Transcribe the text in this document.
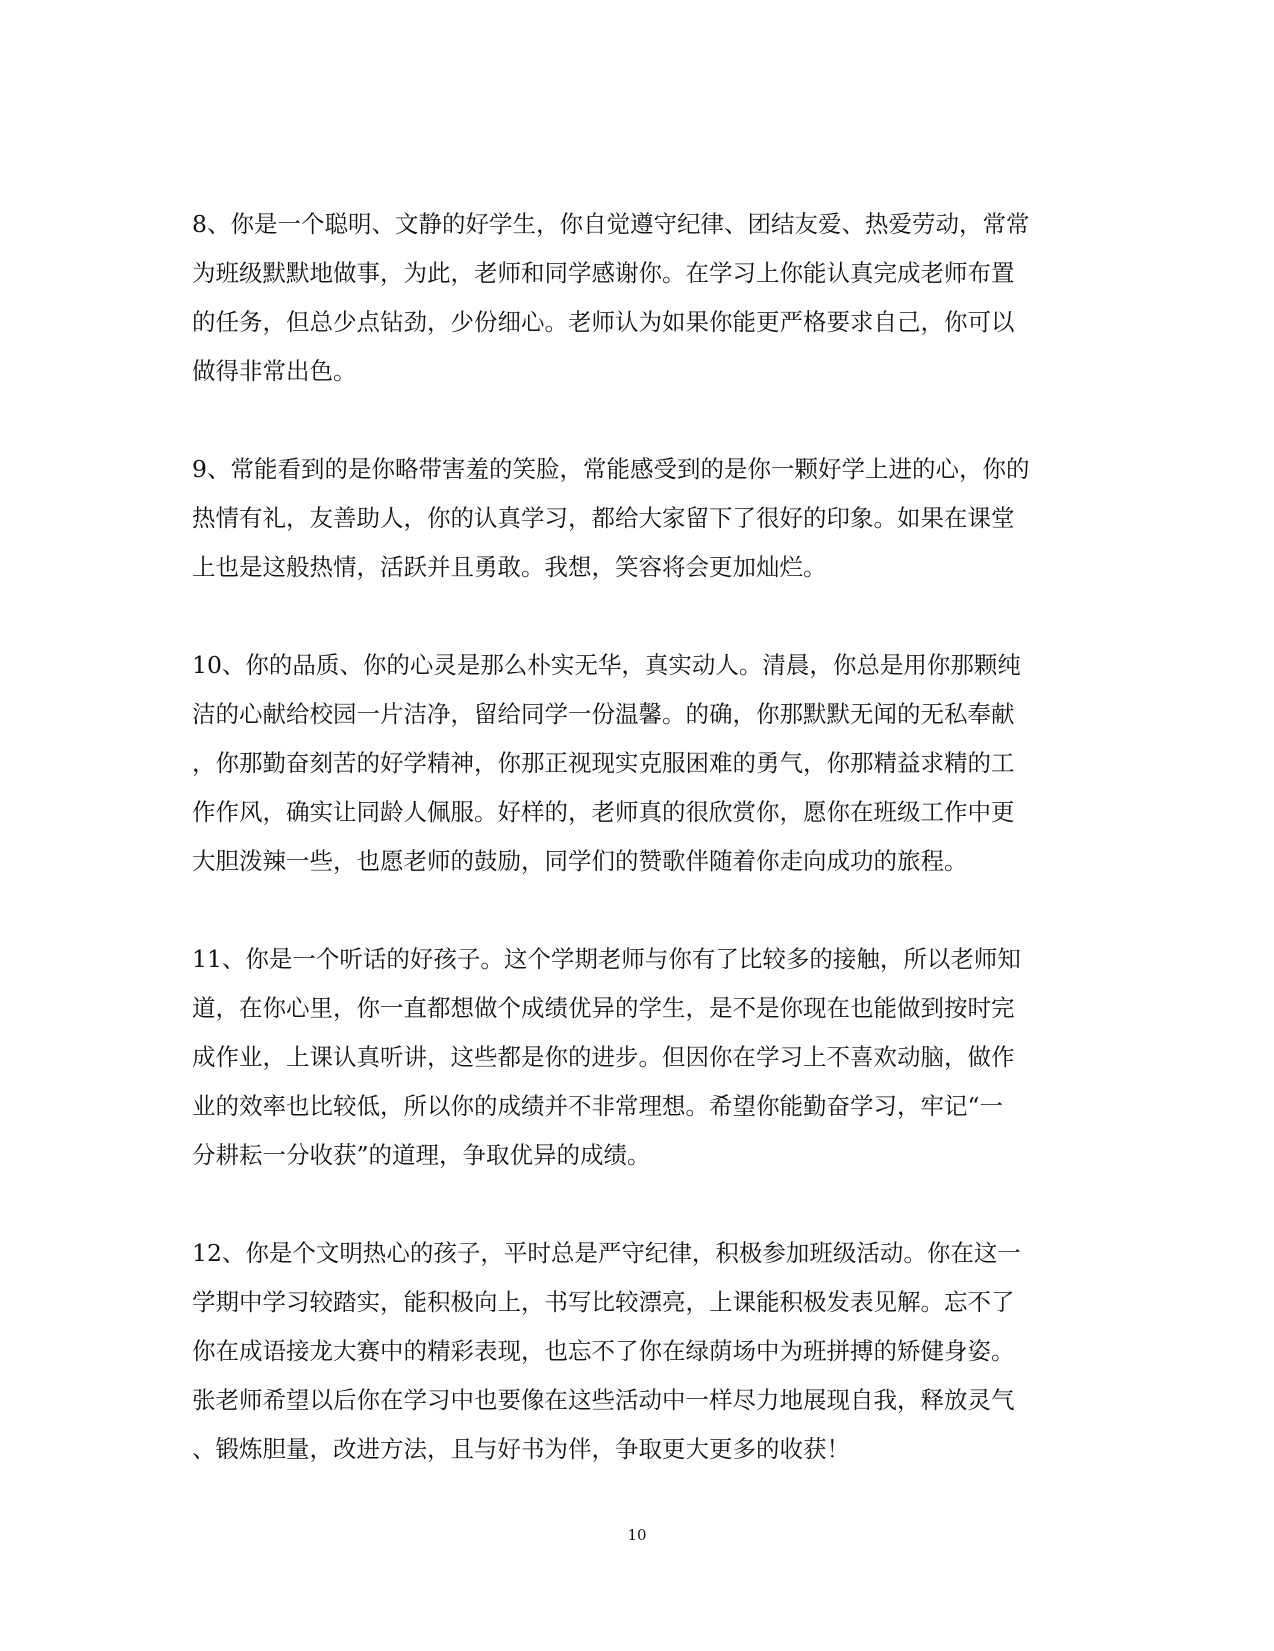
8、你是一个聪明、文静的好学生，你自觉遵守纪律、团结友爱、热爱劳动，常常
为班级默默地做事，为此，老师和同学感谢你。在学习上你能认真完成老师布置
的任务，但总少点钻劲，少份细心。老师认为如果你能更严格要求自己，你可以
做得非常出色。

9、常能看到的是你略带害羞的笑脸，常能感受到的是你一颗好学上进的心，你的
热情有礼，友善助人，你的认真学习，都给大家留下了很好的印象。如果在课堂
上也是这般热情，活跃并且勇敢。我想，笑容将会更加灿烂。

10、你的品质、你的心灵是那么朴实无华，真实动人。清晨，你总是用你那颗纯
洁的心献给校园一片洁净，留给同学一份温馨。的确，你那默默无闻的无私奉献
，你那勤奋刻苦的好学精神，你那正视现实克服困难的勇气，你那精益求精的工
作作风，确实让同龄人佩服。好样的，老师真的很欣赏你，愿你在班级工作中更
大胆泼辣一些，也愿老师的鼓励，同学们的赞歌伴随着你走向成功的旅程。

11、你是一个听话的好孩子。这个学期老师与你有了比较多的接触，所以老师知
道，在你心里，你一直都想做个成绩优异的学生，是不是你现在也能做到按时完
成作业，上课认真听讲，这些都是你的进步。但因你在学习上不喜欢动脑，做作
业的效率也比较低，所以你的成绩并不非常理想。希望你能勤奋学习，牢记“一
分耕耘一分收获”的道理，争取优异的成绩。

12、你是个文明热心的孩子，平时总是严守纪律，积极参加班级活动。你在这一
学期中学习较踏实，能积极向上，书写比较漂亮，上课能积极发表见解。忘不了
你在成语接龙大赛中的精彩表现，也忘不了你在绿荫场中为班拼搏的矫健身姿。
张老师希望以后你在学习中也要像在这些活动中一样尽力地展现自我，释放灵气
、锻炼胆量，改进方法，且与好书为伴，争取更大更多的收获！

10
